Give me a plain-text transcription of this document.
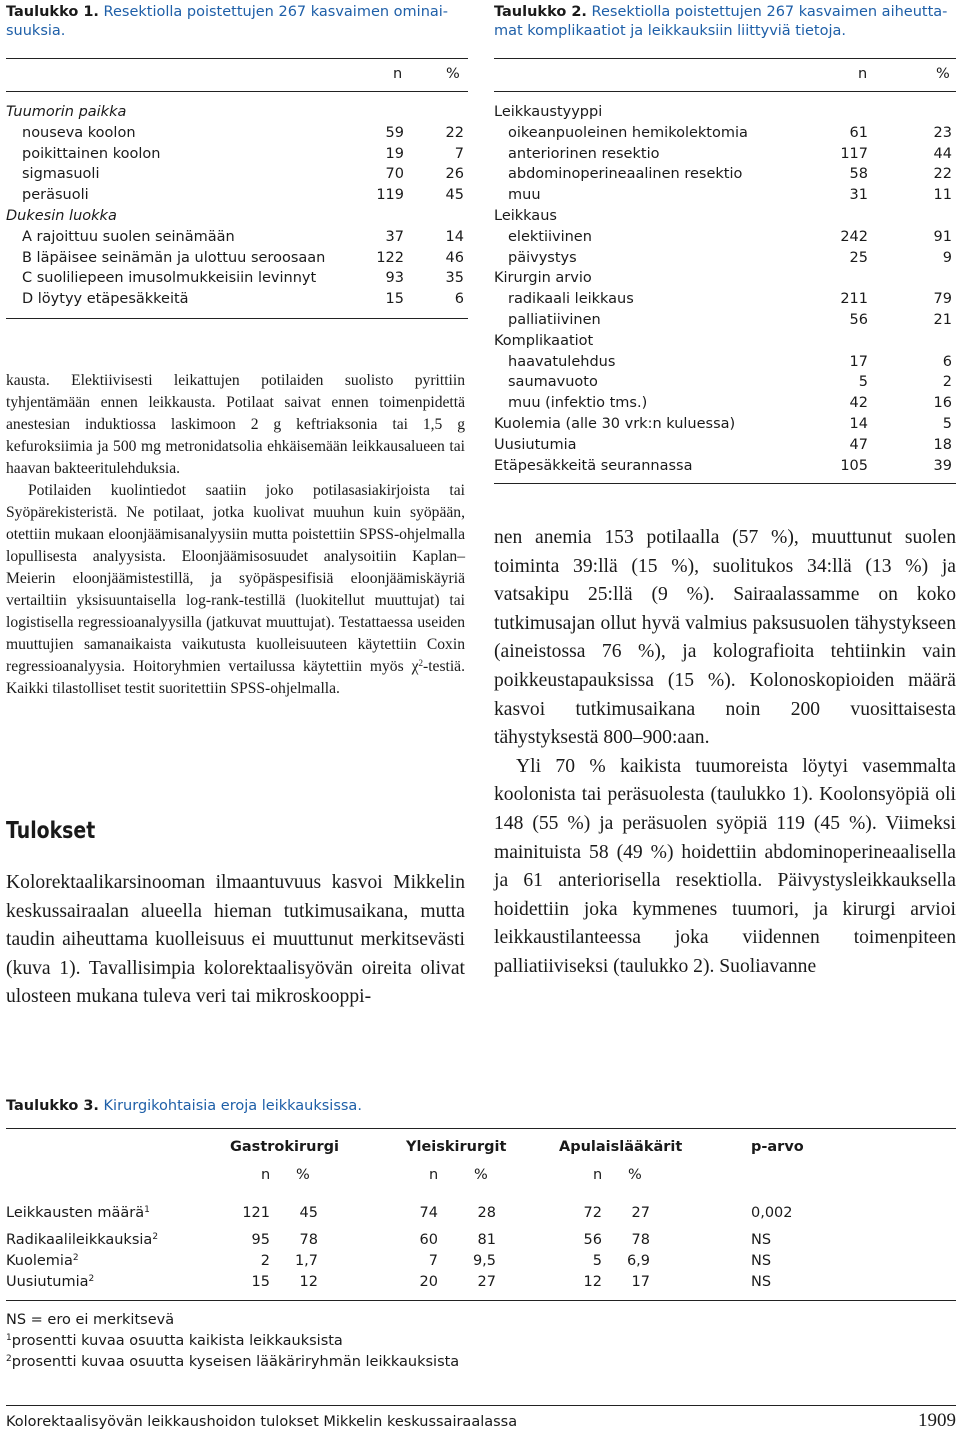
Taulukko 1. Resektiolla poistettujen 267 kasvaimen ominai-
suuksia.
n	%
Tuumorin paikka
nouseva koolon	59	22
poikittainen koolon	19	7
sigmasuoli	70	26
peräsuoli	119	45
Dukesin luokka
A rajoittuu suolen seinämään	37	14
B läpäisee seinämän ja ulottuu seroosaan	122	46
C suoliliepeen imusolmukkeisiin levinnyt	93	35
D löytyy etäpesäkkeitä	15	6
Taulukko 2. Resektiolla poistettujen 267 kasvaimen aiheutta-
mat komplikaatiot ja leikkauksiin liittyviä tietoja.
n	%
Leikkaustyyppi
oikeanpuoleinen hemikolektomia	61	23
anteriorinen resektio	117	44
abdominoperineaalinen resektio	58	22
muu	31	11
Leikkaus
elektiivinen	242	91
päivystys	25	9
Kirurgin arvio
radikaali leikkaus	211	79
palliatiivinen	56	21
Komplikaatiot
haavatulehdus	17	6
saumavuoto	5	2
muu (infektio tms.)	42	16
Kuolemia (alle 30 vrk:n kuluessa)	14	5
Uusiutumia	47	18
Etäpesäkkeitä seurannassa	105	39

kausta. Elektiivisesti leikattujen potilaiden suolisto pyrittiin tyhjentämään ennen leikkausta. Potilaat saivat ennen toimenpidettä anestesian induktiossa laskimoon 2 g keftriaksonia tai 1,5 g kefuroksiimia ja 500 mg metronidatsolia ehkäisemään leikkausalueen tai haavan bakteeritulehduksia.

Potilaiden kuolintiedot saatiin joko potilasasiakirjoista tai Syöpärekisteristä. Ne potilaat, jotka kuolivat muuhun kuin syöpään, otettiin mukaan eloonjäämisanalyysiin mutta poistettiin SPSS-ohjelmalla lopullisesta analyysista. Eloonjäämisosuudet analysoitiin Kaplan–Meierin eloonjäämistestillä, ja syöpäspesifisiä eloonjäämiskäyriä vertailtiin yksisuuntaisella log-rank-testillä (luokitellut muuttujat) tai logistisella regressioanalyysilla (jatkuvat muuttujat). Testattaessa useiden muuttujien samanaikaista vaikutusta kuolleisuuteen käytettiin Coxin regressioanalyysia. Hoitoryhmien vertailussa käytettiin myös $\chi^2$-testiä. Kaikki tilastolliset testit suoritettiin SPSS-ohjelmalla.

Tulokset

Kolorektaalikarsinooman ilmaantuvuus kasvoi Mikkelin keskussairaalan alueella hieman tutkimusaikana, mutta taudin aiheuttama kuolleisuus ei muuttunut merkitsevästi (kuva 1). Tavallisimpia kolorektaalisyövän oireita olivat ulosteen mukana tuleva veri tai mikroskooppi-

nen anemia 153 potilaalla (57 %), muuttunut suolen toiminta 39:llä (15 %), suolitukos 34:llä (13 %) ja vatsakipu 25:llä (9 %). Sairaalassamme on koko tutkimusajan ollut hyvä valmius paksusuolen tähystykseen (aineistossa 76 %), ja kolografioita tehtiinkin vain poikkeustapauksissa (15 %). Kolonoskopioiden määrä kasvoi tutkimusaikana noin 200 vuosittaisesta tähystyksestä 800–900:aan.

Yli 70 % kaikista tuumoreista löytyi vasemmalta koolonista tai peräsuolesta (taulukko 1). Koolonsyöpiä oli 148 (55 %) ja peräsuolen syöpiä 119 (45 %). Viimeksi mainituista 58 (49 %) hoidettiin abdominoperineaalisella ja 61 anteriorisella resektiolla. Päivystysleikkauksella hoidettiin joka kymmenes tuumori, ja kirurgi arvioi leikkaustilanteessa joka viidennen toimenpiteen palliatiiviseksi (taulukko 2). Suoliavanne

Taulukko 3. Kirurgikohtaisia eroja leikkauksissa.
Gastrokirurgi	Yleiskirurgit	Apulaislääkärit	p-arvo
n %	n %	n %
Leikkausten määrä$^1$	121	45	74	28	72	27	0,002
Radikaalileikkauksia$^2$	95	78	60	81	56	78	NS
Kuolemia$^2$	2	1,7	7	9,5	5	6,9	NS
Uusiutumia$^2$	15	12	20	27	12	17	NS
NS = ero ei merkitsevä
$^1$prosentti kuvaa osuutta kaikista leikkauksista
$^2$prosentti kuvaa osuutta kyseisen lääkäriryhmän leikkauksista
Kolorektaalisyövän leikkaushoidon tulokset Mikkelin keskussairaalassa	1909
